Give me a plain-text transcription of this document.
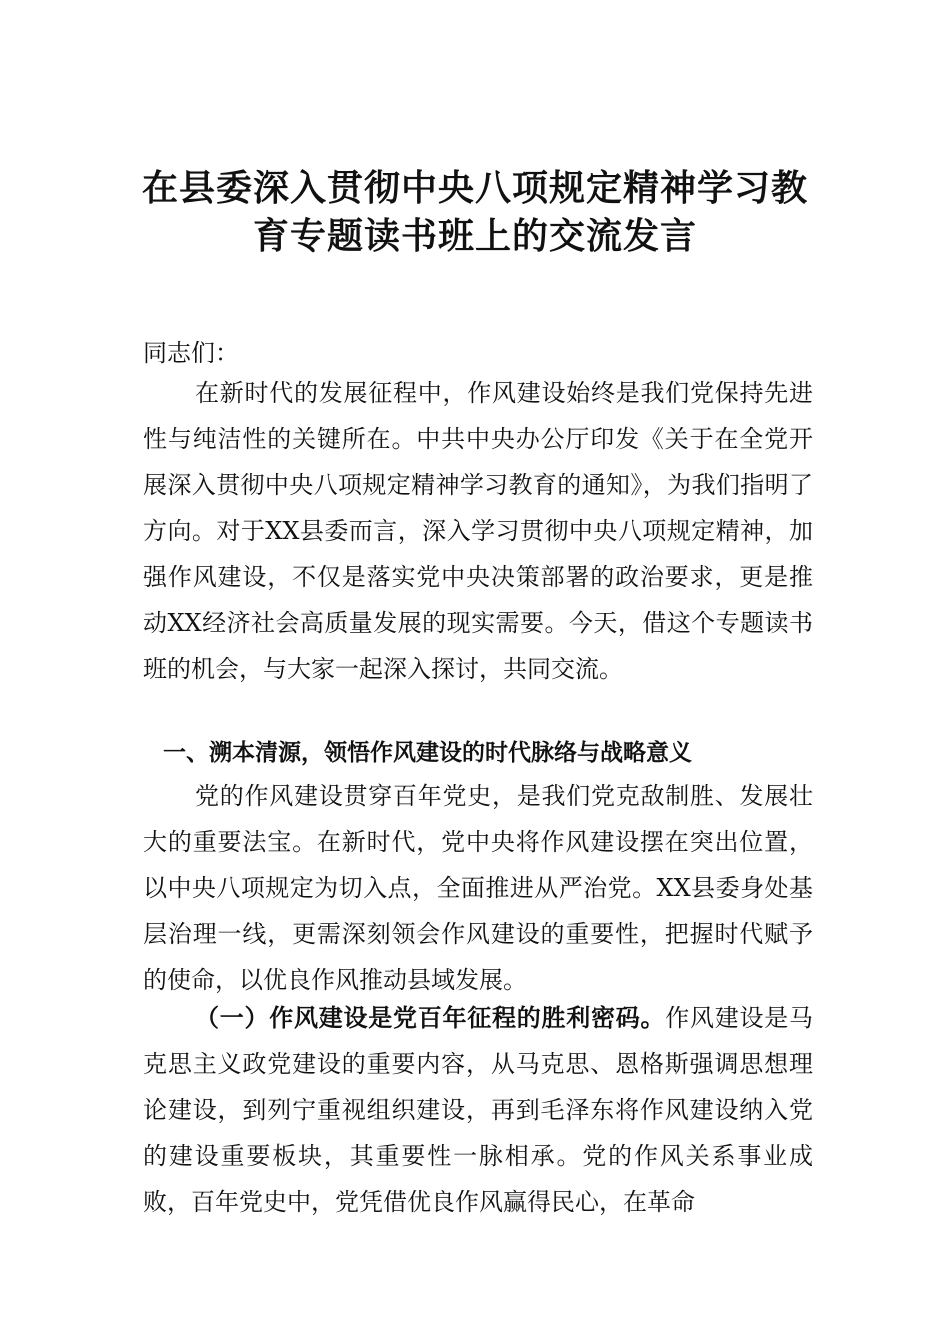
在县委深入贯彻中央八项规定精神学习教
育专题读书班上的交流发言

同志们：

在新时代的发展征程中，作风建设始终是我们党保持先进性与纯洁性的关键所在。中共中央办公厅印发《关于在全党开展深入贯彻中央八项规定精神学习教育的通知》，为我们指明了方向。对于XX县委而言，深入学习贯彻中央八项规定精神，加强作风建设，不仅是落实党中央决策部署的政治要求，更是推动XX经济社会高质量发展的现实需要。今天，借这个专题读书班的机会，与大家一起深入探讨，共同交流。

一、溯本清源，领悟作风建设的时代脉络与战略意义

党的作风建设贯穿百年党史，是我们党克敌制胜、发展壮大的重要法宝。在新时代，党中央将作风建设摆在突出位置，以中央八项规定为切入点，全面推进从严治党。XX县委身处基层治理一线，更需深刻领会作风建设的重要性，把握时代赋予的使命，以优良作风推动县域发展。

（一）作风建设是党百年征程的胜利密码。作风建设是马克思主义政党建设的重要内容，从马克思、恩格斯强调思想理论建设，到列宁重视组织建设，再到毛泽东将作风建设纳入党的建设重要板块，其重要性一脉相承。党的作风关系事业成败，百年党史中，党凭借优良作风赢得民心，在革命
